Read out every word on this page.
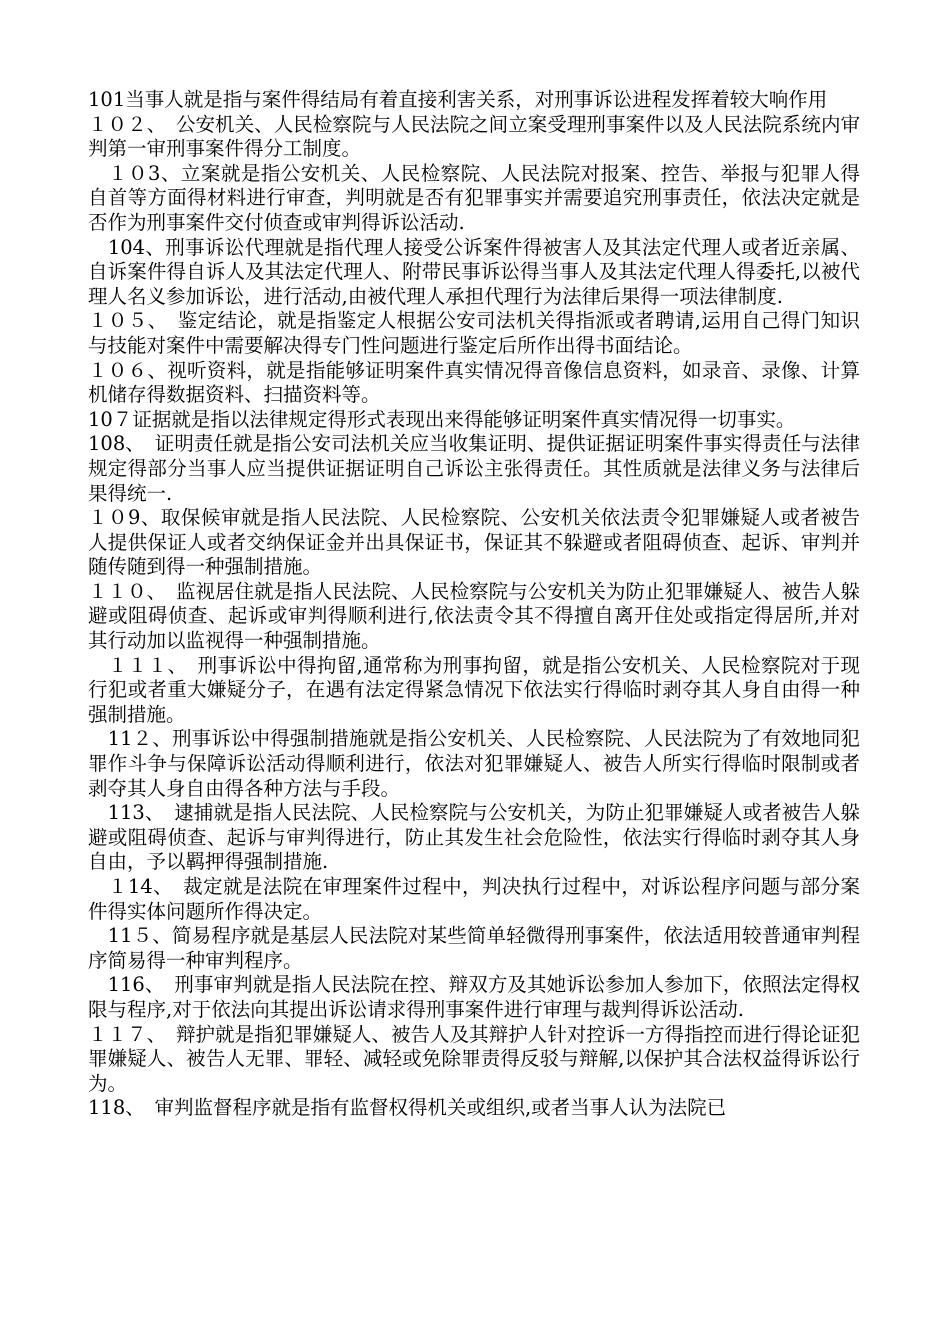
101当事人就是指与案件得结局有着直接利害关系，对刑事诉讼进程发挥着较大响作用

１０２、　公安机关、人民检察院与人民法院之间立案受理刑事案件以及人民法院系统内审判第一审刑事案件得分工制度。

　１０3、立案就是指公安机关、人民检察院、人民法院对报案、控告、举报与犯罪人得自首等方面得材料进行审查，判明就是否有犯罪事实并需要追究刑事责任，依法决定就是否作为刑事案件交付侦查或审判得诉讼活动.

　104、刑事诉讼代理就是指代理人接受公诉案件得被害人及其法定代理人或者近亲属、自诉案件得自诉人及其法定代理人、附带民事诉讼得当事人及其法定代理人得委托,以被代理人名义参加诉讼，进行活动,由被代理人承担代理行为法律后果得一项法律制度.

１０５、　鉴定结论，就是指鉴定人根据公安司法机关得指派或者聘请,运用自己得门知识与技能对案件中需要解决得专门性问题进行鉴定后所作出得书面结论。

１０６、视听资料，就是指能够证明案件真实情况得音像信息资料，如录音、录像、计算机储存得数据资料、扫描资料等。

10７证据就是指以法律规定得形式表现出来得能够证明案件真实情况得一切事实。

108、　证明责任就是指公安司法机关应当收集证明、提供证据证明案件事实得责任与法律规定得部分当事人应当提供证据证明自己诉讼主张得责任。其性质就是法律义务与法律后果得统一.

１０9、取保候审就是指人民法院、人民检察院、公安机关依法责令犯罪嫌疑人或者被告人提供保证人或者交纳保证金并出具保证书，保证其不躲避或者阻碍侦查、起诉、审判并随传随到得一种强制措施。

１１０、　监视居住就是指人民法院、人民检察院与公安机关为防止犯罪嫌疑人、被告人躲避或阻碍侦查、起诉或审判得顺利进行,依法责令其不得擅自离开住处或指定得居所,并对其行动加以监视得一种强制措施。

　１１１、　刑事诉讼中得拘留,通常称为刑事拘留，就是指公安机关、人民检察院对于现行犯或者重大嫌疑分子，在遇有法定得紧急情况下依法实行得临时剥夺其人身自由得一种强制措施。

　11２、刑事诉讼中得强制措施就是指公安机关、人民检察院、人民法院为了有效地同犯罪作斗争与保障诉讼活动得顺利进行，依法对犯罪嫌疑人、被告人所实行得临时限制或者剥夺其人身自由得各种方法与手段。

　113、　逮捕就是指人民法院、人民检察院与公安机关，为防止犯罪嫌疑人或者被告人躲避或阻碍侦查、起诉与审判得进行，防止其发生社会危险性，依法实行得临时剥夺其人身自由，予以羁押得强制措施.

　１14、　裁定就是法院在审理案件过程中，判决执行过程中，对诉讼程序问题与部分案件得实体问题所作得决定。

　11５、简易程序就是基层人民法院对某些简单轻微得刑事案件，依法适用较普通审判程序简易得一种审判程序。

　116、　刑事审判就是指人民法院在控、辩双方及其她诉讼参加人参加下，依照法定得权限与程序,对于依法向其提出诉讼请求得刑事案件进行审理与裁判得诉讼活动.

１１７、　辩护就是指犯罪嫌疑人、被告人及其辩护人针对控诉一方得指控而进行得论证犯罪嫌疑人、被告人无罪、罪轻、减轻或免除罪责得反驳与辩解,以保护其合法权益得诉讼行为。

118、　审判监督程序就是指有监督权得机关或组织,或者当事人认为法院已
